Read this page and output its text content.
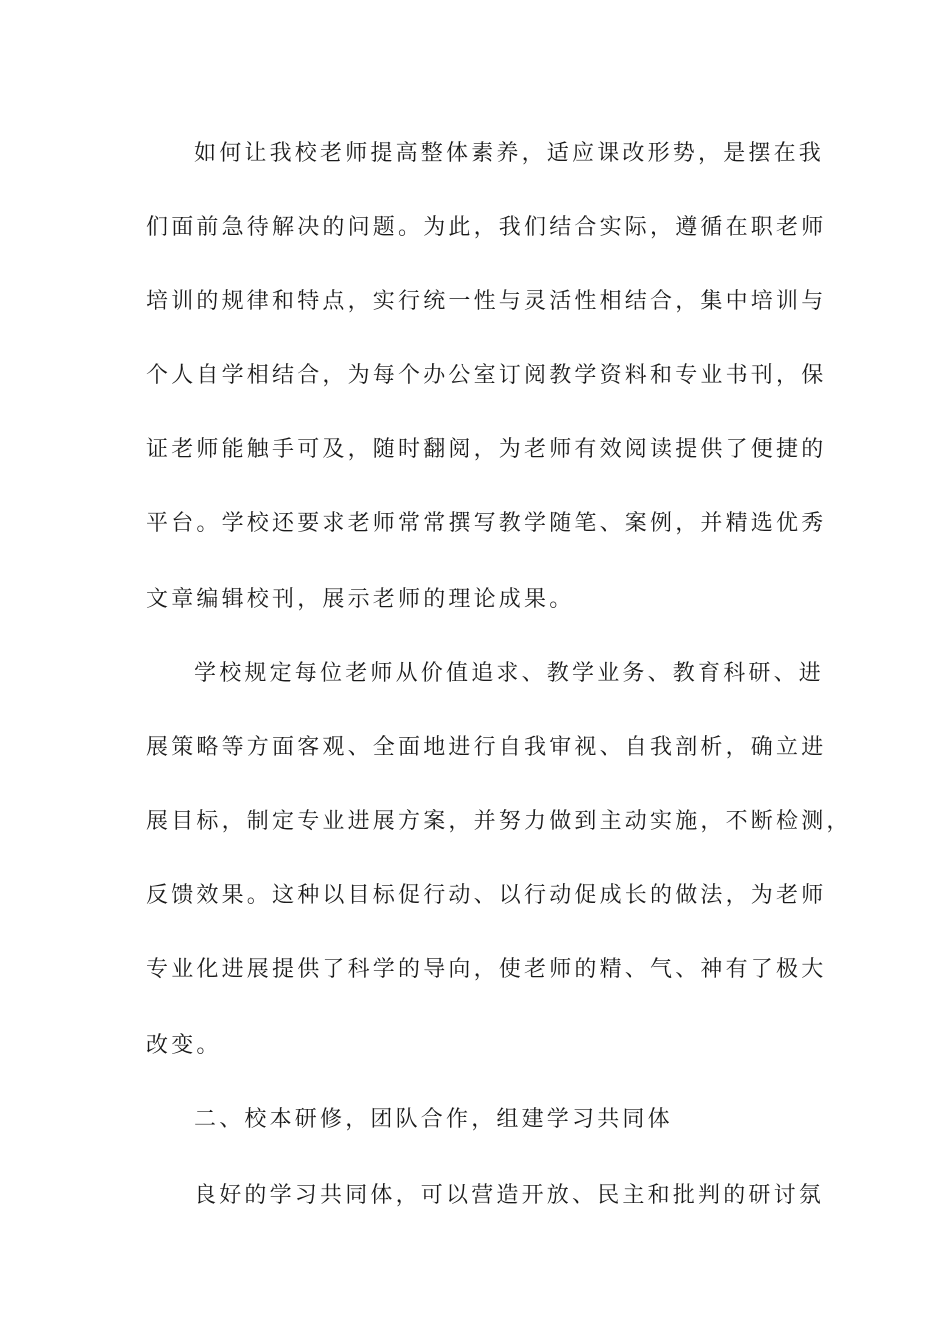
如何让我校老师提高整体素养，适应课改形势，是摆在我
们面前急待解决的问题。为此，我们结合实际，遵循在职老师
培训的规律和特点，实行统一性与灵活性相结合，集中培训与
个人自学相结合，为每个办公室订阅教学资料和专业书刊，保
证老师能触手可及，随时翻阅，为老师有效阅读提供了便捷的
平台。学校还要求老师常常撰写教学随笔、案例，并精选优秀
文章编辑校刊，展示老师的理论成果。
学校规定每位老师从价值追求、教学业务、教育科研、进
展策略等方面客观、全面地进行自我审视、自我剖析，确立进
展目标，制定专业进展方案，并努力做到主动实施，不断检测，
反馈效果。这种以目标促行动、以行动促成长的做法，为老师
专业化进展提供了科学的导向，使老师的精、气、神有了极大
改变。
二、校本研修，团队合作，组建学习共同体
良好的学习共同体，可以营造开放、民主和批判的研讨氛
